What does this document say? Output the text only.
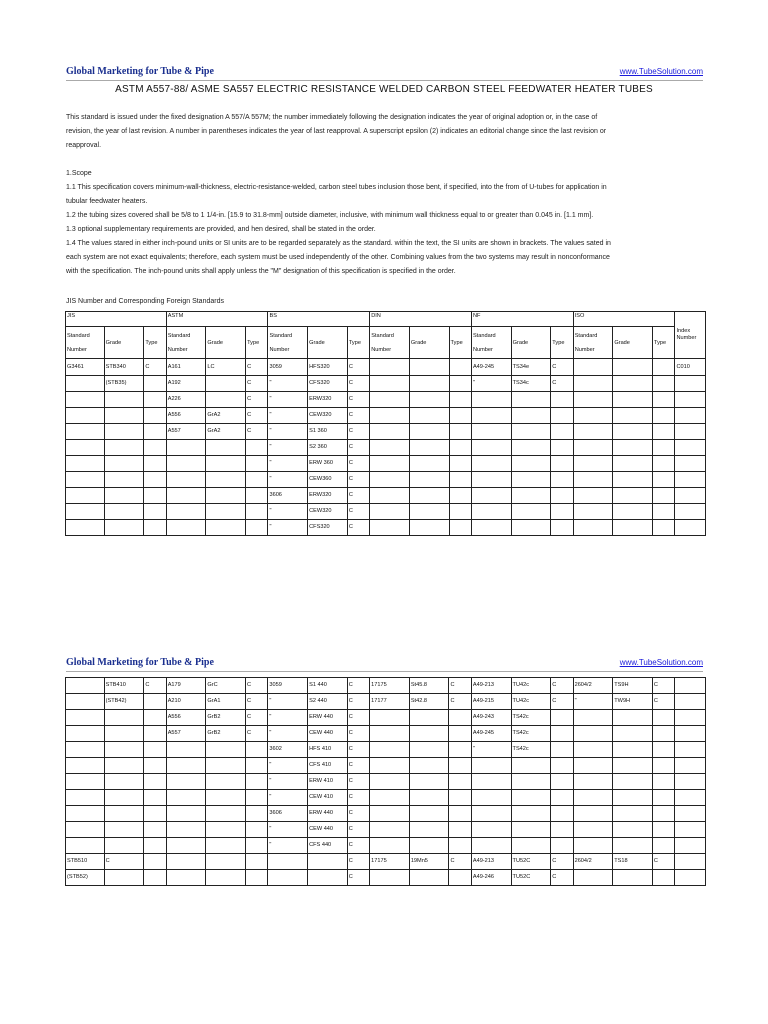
Global Marketing for Tube & Pipe	www.TubeSolution.com
ASTM A557-88/ ASME SA557 ELECTRIC RESISTANCE WELDED CARBON STEEL FEEDWATER HEATER TUBES
This standard is issued under the fixed designation A 557/A 557M; the number immediately following the designation indicates the year of original adoption or, in the case of
revision, the year of last revision. A number in parentheses indicates the year of last reapproval. A superscript epsilon (2) indicates an editorial change since the last revision or
reapproval.
1.Scope
1.1 This specification covers minimum-wall-thickness, electric-resistance-welded, carbon steel tubes inclusion those bent, if specified, into the from of U-tubes for application in
tubular feedwater heaters.
1.2 the tubing sizes covered shall be 5/8 to 1 1/4-in. [15.9 to 31.8-mm] outside diameter, inclusive, with minimum wall thickness equal to or greater than 0.045 in. [1.1 mm].
1.3 optional supplementary requirements are provided, and hen desired, shall be stated in the order.
1.4 The values stared in either inch-pound units or SI units are to be regarded separately as the standard. within the text, the SI units are shown in brackets. The values sated in
each system are not exact equivalents; therefore, each system must be used independently of the other. Combining values from the two systems may result in nonconformance
with the specification. The inch-pound units shall apply unless the "M" designation of this specification is specified in the order.
JIS Number and Corresponding Foreign Standards
JIS			ASTM			BS			DIN			NF			ISO			Index Number
Standard Number	Grade	Type	Standard Number	Grade	Type	Standard Number	Grade	Type	Standard Number	Grade	Type	Standard Number	Grade	Type	Standard Number	Grade	Type	
G3461	STB340	C	A161	LC	C	3059	HFS320	C				A49-245	TS34e	C				C010
	(STB35)		A192		C	"	CFS320	C				"	TS34c	C				
			A226		C	"	ERW320	C										
			A556	GrA2	C	"	CEW320	C										
			A557	GrA2	C	"	S1 360	C										
						"	S2 360	C										
						"	ERW 360	C										
						"	CEW360	C										
						3606	ERW320	C										
						"	CEW320	C										
						"	CFS320	C										
Global Marketing for Tube & Pipe	www.TubeSolution.com
	STB410	C	A179	GrC	C	3059	S1 440	C	17175	St45.8	C	A49-213	TU42c	C	2604/2	TS9H	C	
	(STB42)		A210	GrA1	C	"	S2 440	C	17177	St42.8	C	A49-215	TU42c	C	"	TW9H	C	
			A556	GrB2	C	"	ERW 440	C				A49-243	TS42c					
			A557	GrB2	C	"	CEW 440	C				A49-245	TS42c					
						3602	HFS 410	C				"	TS42c					
						"	CFS 410	C										
						"	ERW 410	C										
						"	CEW 410	C										
						3606	ERW 440	C										
						"	CEW 440	C										
						"	CFS 440	C										
STB510	C							C	17175	19Mn5	C	A49-213	TU52C	C	2604/2	TS18	C	
(STB52)								C				A49-246	TU52C	C				
